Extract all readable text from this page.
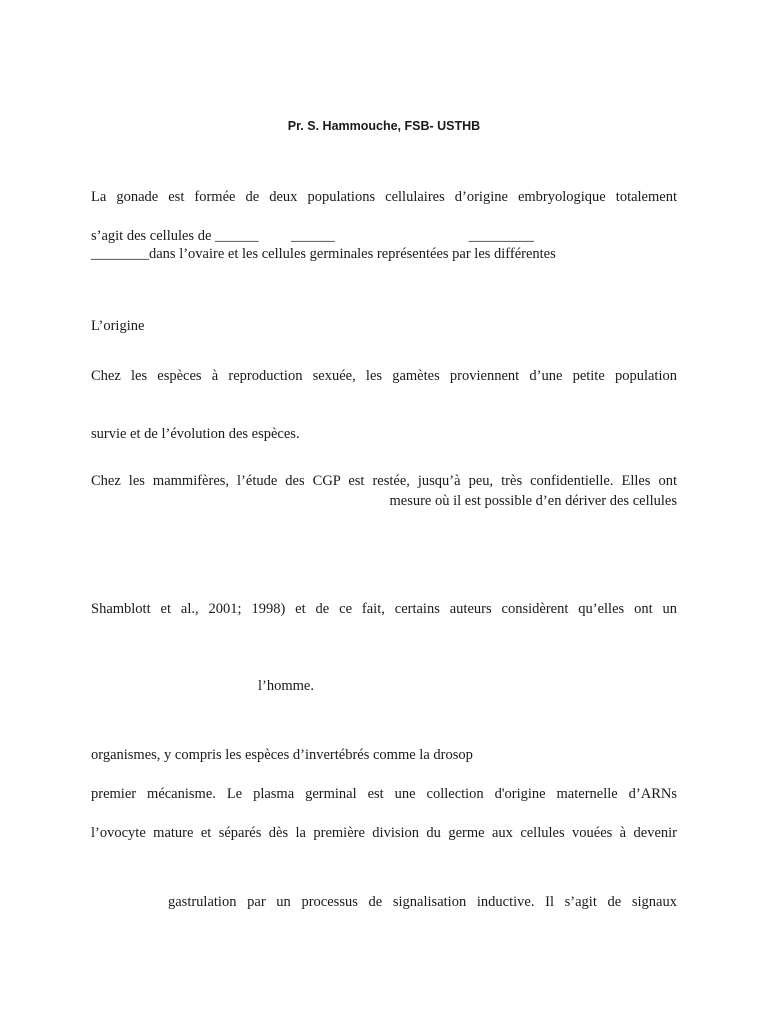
Pr. S. Hammouche, FSB- USTHB
La gonade est formée de deux populations cellulaires d’origine embryologique totalement
s’agit des cellules de ______         ______                                     _________
________dans l’ovaire et les cellules germinales représentées par les différentes
L’origine
Chez les espèces à reproduction sexuée, les gamètes proviennent d’une petite population
survie et de l’évolution des espèces.
Chez les mammifères, l’étude des CGP est restée, jusqu’à peu, très confidentielle. Elles ont
mesure où il est possible d’en dériver des cellules
Shamblott et al., 2001; 1998) et de ce fait, certains auteurs considèrent qu’elles ont un
l’homme.
organismes, y compris les espèces d’invertébrés comme la drosop
premier mécanisme. Le plasma germinal est une collection d'origine maternelle d’ARNs
l’ovocyte mature et séparés dès la première division du germe aux cellules vouées à devenir
gastrulation par un processus de signalisation inductive. Il s’agit de signaux
